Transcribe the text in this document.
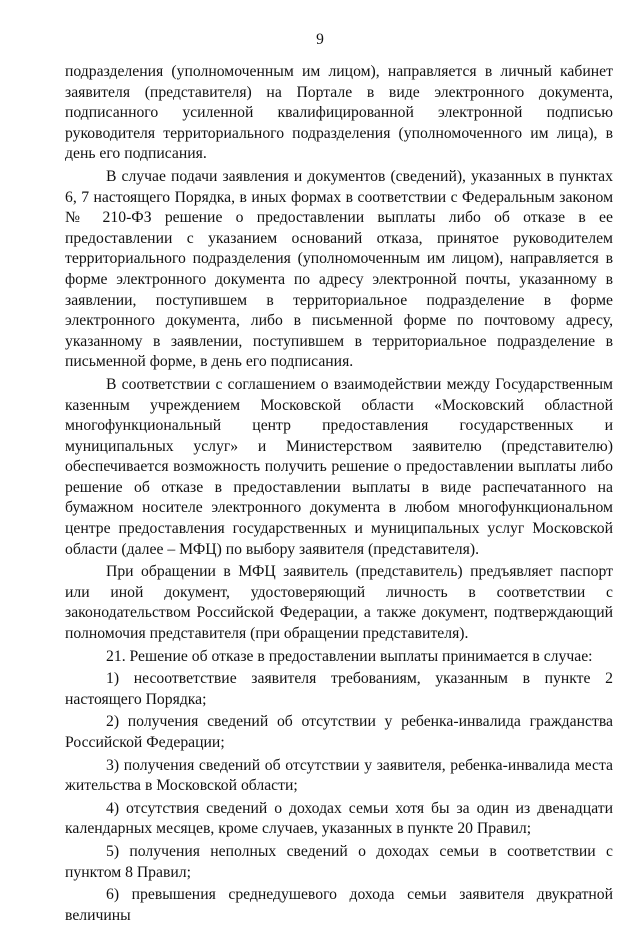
9

подразделения (уполномоченным им лицом), направляется в личный кабинет заявителя (представителя) на Портале в виде электронного документа, подписанного усиленной квалифицированной электронной подписью руководителя территориального подразделения (уполномоченного им лица), в день его подписания.

В случае подачи заявления и документов (сведений), указанных в пунктах 6, 7 настоящего Порядка, в иных формах в соответствии с Федеральным законом № 210-ФЗ решение о предоставлении выплаты либо об отказе в ее предоставлении с указанием оснований отказа, принятое руководителем территориального подразделения (уполномоченным им лицом), направляется в форме электронного документа по адресу электронной почты, указанному в заявлении, поступившем в территориальное подразделение в форме электронного документа, либо в письменной форме по почтовому адресу, указанному в заявлении, поступившем в территориальное подразделение в письменной форме, в день его подписания.

В соответствии с соглашением о взаимодействии между Государственным казенным учреждением Московской области «Московский областной многофункциональный центр предоставления государственных и муниципальных услуг» и Министерством заявителю (представителю) обеспечивается возможность получить решение о предоставлении выплаты либо решение об отказе в предоставлении выплаты в виде распечатанного на бумажном носителе электронного документа в любом многофункциональном центре предоставления государственных и муниципальных услуг Московской области (далее – МФЦ) по выбору заявителя (представителя).

При обращении в МФЦ заявитель (представитель) предъявляет паспорт или иной документ, удостоверяющий личность в соответствии с законодательством Российской Федерации, а также документ, подтверждающий полномочия представителя (при обращении представителя).

21. Решение об отказе в предоставлении выплаты принимается в случае:

1) несоответствие заявителя требованиям, указанным в пункте 2 настоящего Порядка;

2) получения сведений об отсутствии у ребенка-инвалида гражданства Российской Федерации;

3) получения сведений об отсутствии у заявителя, ребенка-инвалида места жительства в Московской области;

4) отсутствия сведений о доходах семьи хотя бы за один из двенадцати календарных месяцев, кроме случаев, указанных в пункте 20 Правил;

5) получения неполных сведений о доходах семьи в соответствии с пунктом 8 Правил;

6) превышения среднедушевого дохода семьи заявителя двукратной величины
